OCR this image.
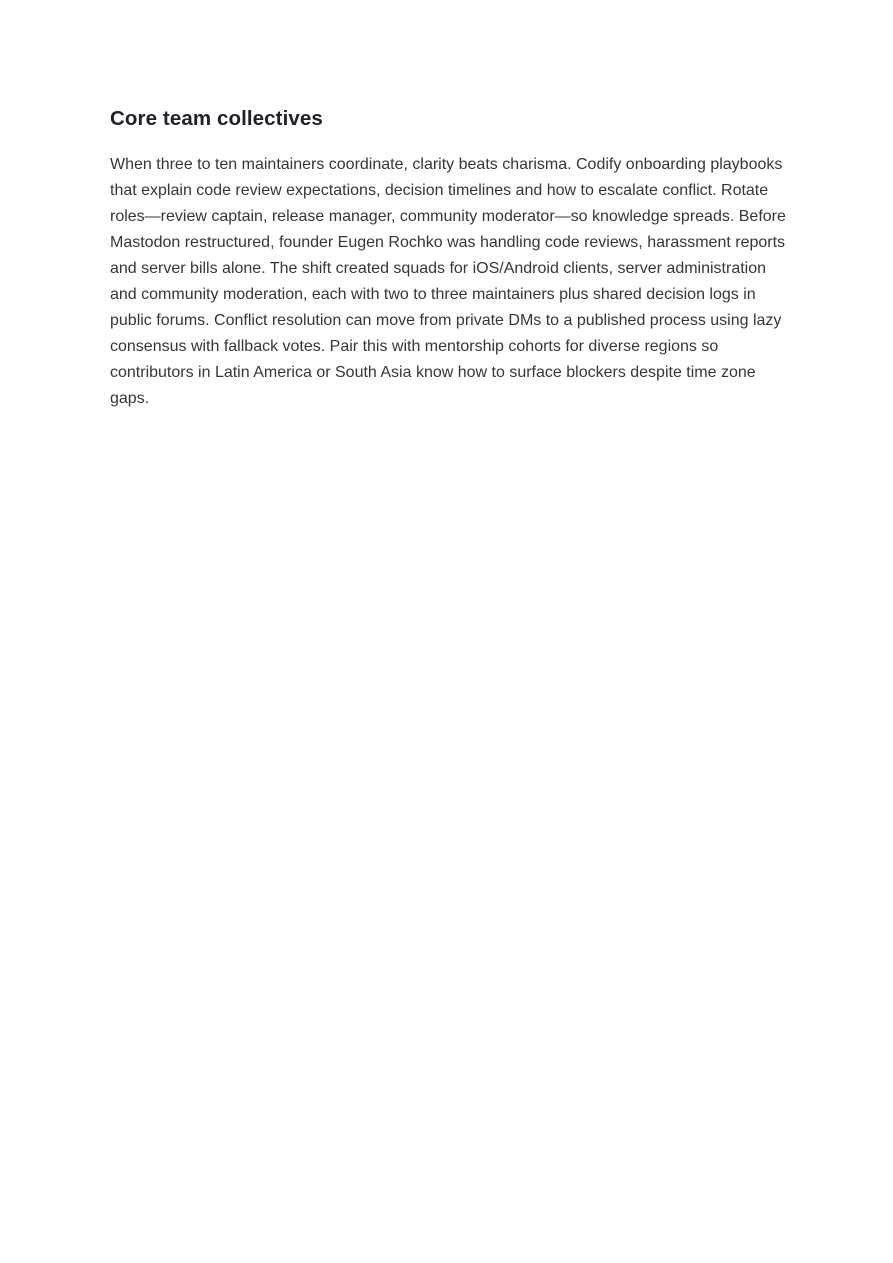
Core team collectives

When three to ten maintainers coordinate, clarity beats charisma. Codify onboarding playbooks that explain code review expectations, decision timelines and how to escalate conflict. Rotate roles—review captain, release manager, community moderator—so knowledge spreads. Before Mastodon restructured, founder Eugen Rochko was handling code reviews, harassment reports and server bills alone. The shift created squads for iOS/Android clients, server administration and community moderation, each with two to three maintainers plus shared decision logs in public forums. Conflict resolution can move from private DMs to a published process using lazy consensus with fallback votes. Pair this with mentorship cohorts for diverse regions so contributors in Latin America or South Asia know how to surface blockers despite time zone gaps.
